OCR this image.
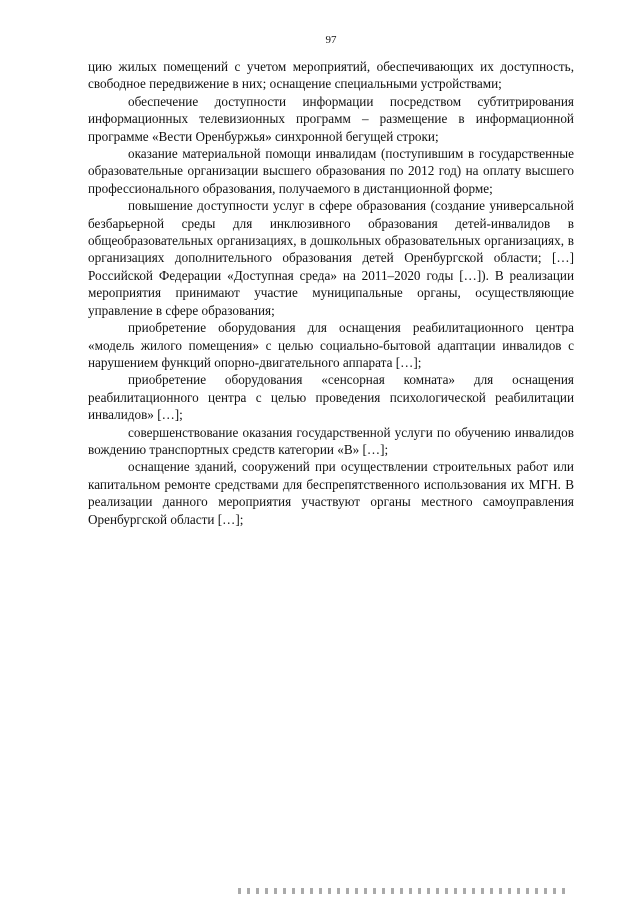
97

цию жилых помещений с учетом мероприятий, обеспечивающих их доступность, свободное передвижение в них; оснащение специальными устройствами;

обеспечение доступности информации посредством субтитрирования информационных телевизионных программ – размещение в информационной программе «Вести Оренбуржья» синхронной бегущей строки;

оказание материальной помощи инвалидам (поступившим в государственные образовательные организации высшего образования по 2012 год) на оплату высшего профессионального образования, получаемого в дистанционной форме;

повышение доступности услуг в сфере образования (создание универсальной безбарьерной среды для инклюзивного образования детей-инвалидов в общеобразовательных организациях, в дошкольных образовательных организациях, в организациях дополнительного образования детей Оренбургской области; […] Российской Федерации «Доступная среда» на 2011–2020 годы […]). В реализации мероприятия принимают участие муниципальные органы, осуществляющие управление в сфере образования;

приобретение оборудования для оснащения реабилитационного центра «модель жилого помещения» с целью социально-бытовой адаптации инвалидов с нарушением функций опорно-двигательного аппарата […];

приобретение оборудования «сенсорная комната» для оснащения реабилитационного центра с целью проведения психологической реабилитации инвалидов» […];

совершенствование оказания государственной услуги по обучению инвалидов вождению транспортных средств категории «В» […];

оснащение зданий, сооружений при осуществлении строительных работ или капитальном ремонте средствами для беспрепятственного использования их МГН. В реализации данного мероприятия участвуют органы местного самоуправления Оренбургской области […];
